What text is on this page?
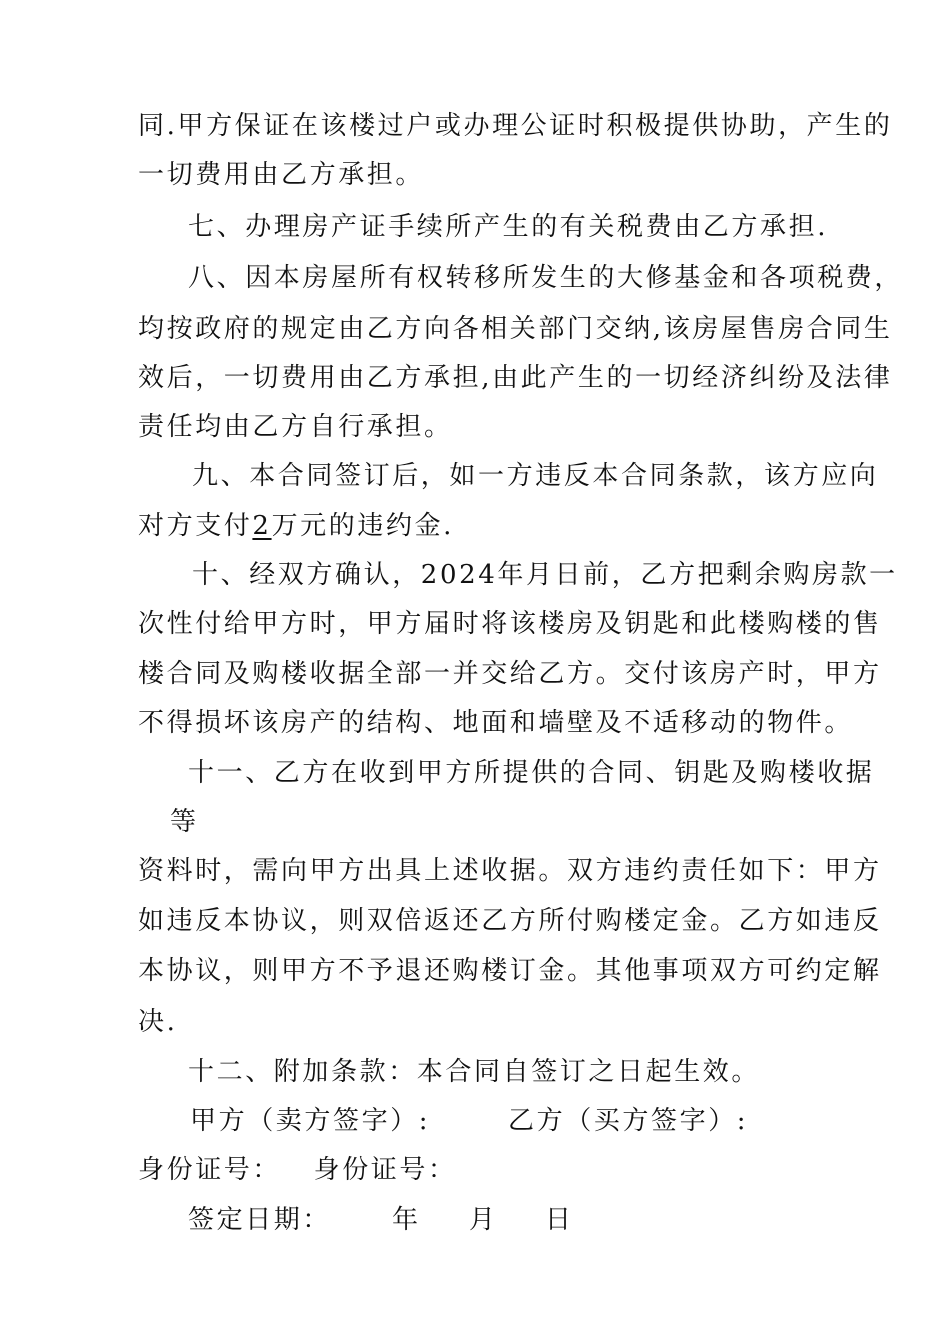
同.甲方保证在该楼过户或办理公证时积极提供协助，产生的
一切费用由乙方承担。
七、办理房产证手续所产生的有关税费由乙方承担.
八、因本房屋所有权转移所发生的大修基金和各项税费，
均按政府的规定由乙方向各相关部门交纳,该房屋售房合同生
效后，一切费用由乙方承担,由此产生的一切经济纠纷及法律
责任均由乙方自行承担。
九、本合同签订后，如一方违反本合同条款，该方应向
对方支付2万元的违约金.
十、经双方确认，2024年月日前，乙方把剩余购房款一
次性付给甲方时，甲方届时将该楼房及钥匙和此楼购楼的售
楼合同及购楼收据全部一并交给乙方。交付该房产时，甲方
不得损坏该房产的结构、地面和墙壁及不适移动的物件。
十一、乙方在收到甲方所提供的合同、钥匙及购楼收据
等
资料时，需向甲方出具上述收据。双方违约责任如下：甲方
如违反本协议，则双倍返还乙方所付购楼定金。乙方如违反
本协议，则甲方不予退还购楼订金。其他事项双方可约定解
决.
十二、附加条款：本合同自签订之日起生效。
甲方（卖方签字）:	乙方（买方签字）:
身份证号：   身份证号：
签定日期： 年 月 日
